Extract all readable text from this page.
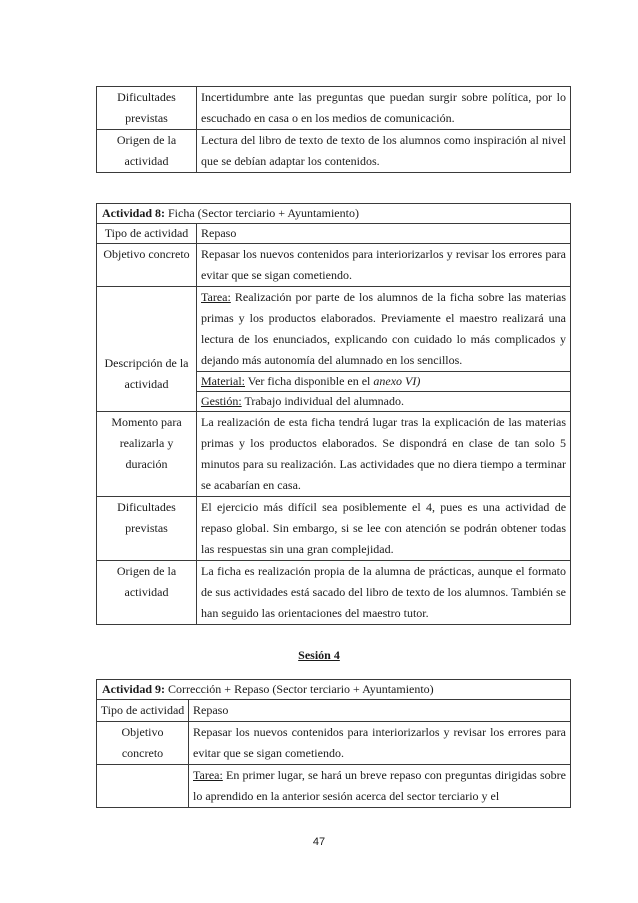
Dificultades previstas	Incertidumbre ante las preguntas que puedan surgir sobre política, por lo escuchado en casa o en los medios de comunicación.
Origen de la actividad	Lectura del libro de texto de texto de los alumnos como inspiración al nivel que se debían adaptar los contenidos.
Actividad 8: Ficha (Sector terciario + Ayuntamiento)	
Tipo de actividad	Repaso
Objetivo concreto	Repasar los nuevos contenidos para interiorizarlos y revisar los errores para evitar que se sigan cometiendo.
Descripción de la actividad	Tarea: Realización por parte de los alumnos de la ficha sobre las materias primas y los productos elaborados. Previamente el maestro realizará una lectura de los enunciados, explicando con cuidado lo más complicados y dejando más autonomía del alumnado en los sencillos.

	Material: Ver ficha disponible en el anexo VI)
	Gestión: Trabajo individual del alumnado.
Momento para realizarla y duración	La realización de esta ficha tendrá lugar tras la explicación de las materias primas y los productos elaborados. Se dispondrá en clase de tan solo 5 minutos para su realización. Las actividades que no diera tiempo a terminar se acabarían en casa.
Dificultades previstas	El ejercicio más difícil sea posiblemente el 4, pues es una actividad de repaso global. Sin embargo, si se lee con atención se podrán obtener todas las respuestas sin una gran complejidad.
Origen de la actividad	La ficha es realización propia de la alumna de prácticas, aunque el formato de sus actividades está sacado del libro de texto de los alumnos. También se han seguido las orientaciones del maestro tutor.
Sesión 4
Actividad 9: Corrección + Repaso (Sector terciario + Ayuntamiento)	
Tipo de actividad	Repaso
Objetivo concreto	Repasar los nuevos contenidos para interiorizarlos y revisar los errores para evitar que se sigan cometiendo.

	Tarea: En primer lugar, se hará un breve repaso con preguntas dirigidas sobre lo aprendido en la anterior sesión acerca del sector terciario y el

47
